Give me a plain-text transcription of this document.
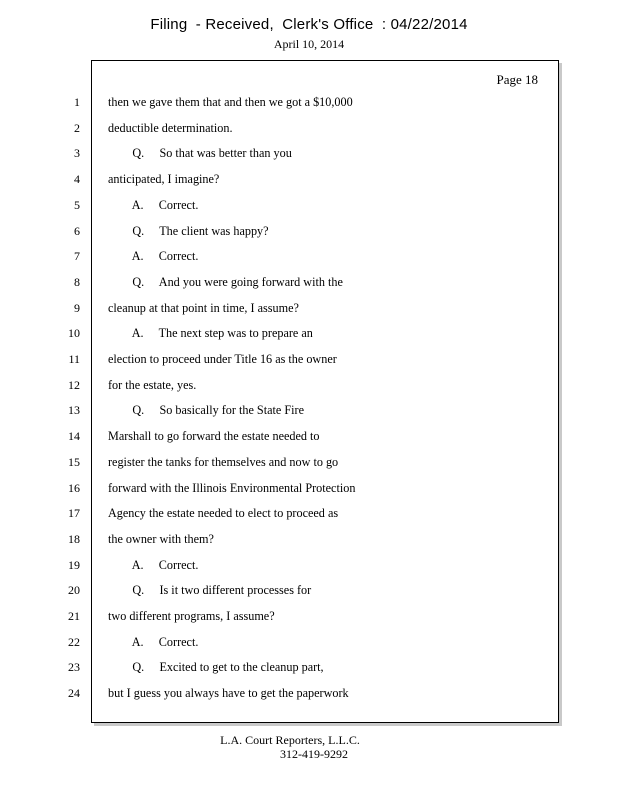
Filing - Received, Clerk's Office : 04/22/2014
April 10, 2014
Page 18
1 then we gave them that and then we got a $10,000
2 deductible determination.
3 Q.     So that was better than you
4 anticipated, I imagine?
5 A.     Correct.
6 Q.     The client was happy?
7 A.     Correct.
8 Q.     And you were going forward with the
9 cleanup at that point in time, I assume?
10 A.     The next step was to prepare an
11 election to proceed under Title 16 as the owner
12 for the estate, yes.
13 Q.     So basically for the State Fire
14 Marshall to go forward the estate needed to
15 register the tanks for themselves and now to go
16 forward with the Illinois Environmental Protection
17 Agency the estate needed to elect to proceed as
18 the owner with them?
19 A.     Correct.
20 Q.     Is it two different processes for
21 two different programs, I assume?
22 A.     Correct.
23 Q.     Excited to get to the cleanup part,
24 but I guess you always have to get the paperwork
L.A. Court Reporters, L.L.C.
312-419-9292
